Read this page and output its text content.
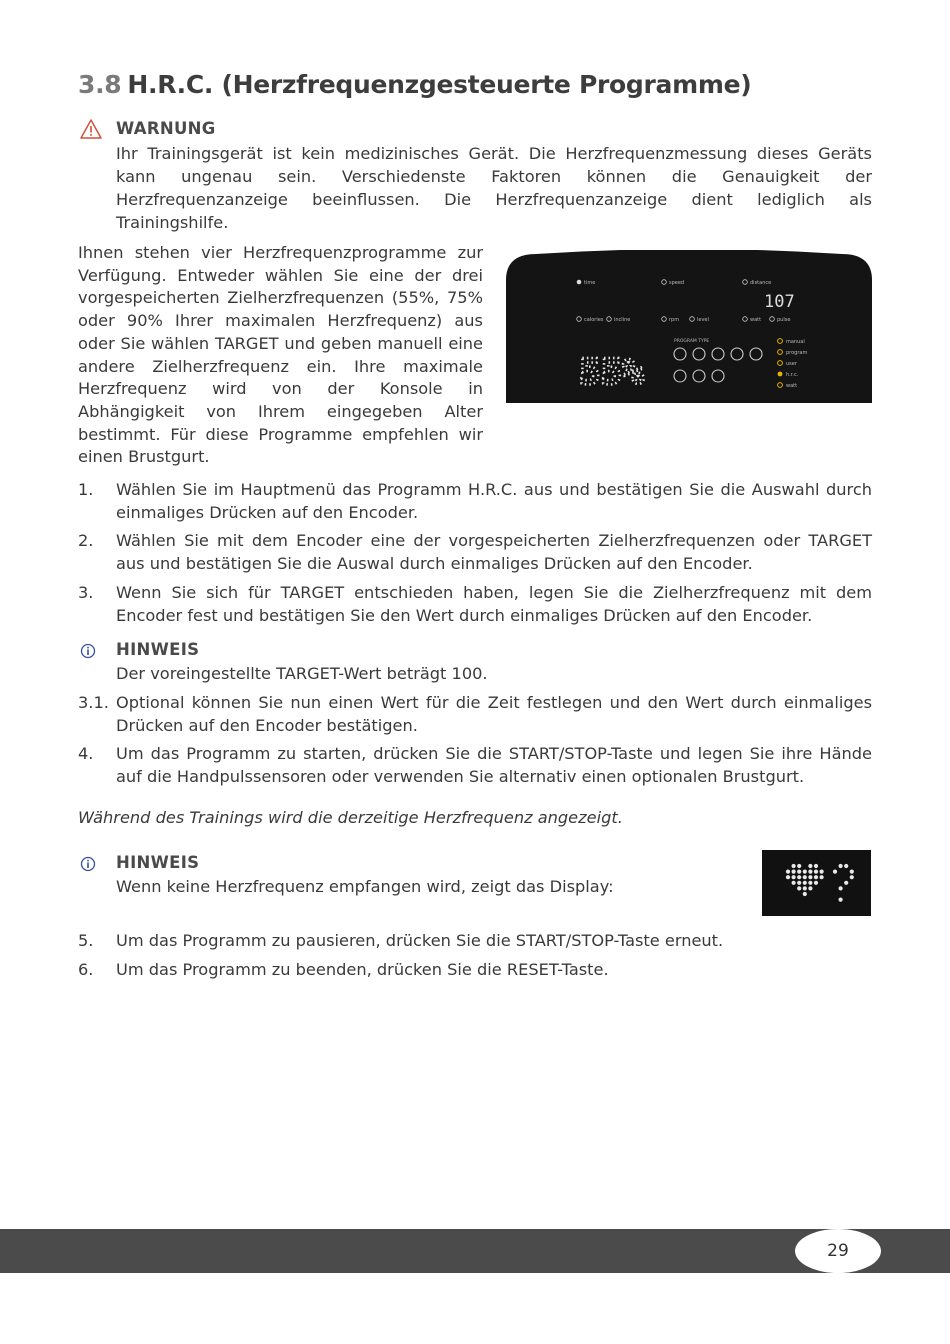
3.8 H.R.C. (Herzfrequenzgesteuerte Programme)
WARNUNG
Ihr Trainingsgerät ist kein medizinisches Gerät. Die Herzfrequenzmessung dieses Geräts kann ungenau sein. Verschiedenste Faktoren können die Genauigkeit der Herzfrequenzanzeige beeinflussen. Die Herzfrequenzanzeige dient lediglich als Trainingshilfe.
Ihnen stehen vier Herzfrequenzprogramme zur Verfügung. Entweder wählen Sie eine der drei vorgespeicherten Zielherzfrequenzen (55%, 75% oder 90% Ihrer maximalen Herzfrequenz) aus oder Sie wählen TARGET und geben manuell eine andere Zielherzfrequenz ein. Ihre maximale Herzfrequenz wird von der Konsole in Abhängigkeit von Ihrem eingegeben Alter bestimmt. Für diese Programme empfehlen wir einen Brustgurt.
time	speed	distance
calories incline	rpm	level	watt	pulse
PROGRAM TYPE
107
55%
manual
program
user
h.r.c.
watt
1. Wählen Sie im Hauptmenü das Programm H.R.C. aus und bestätigen Sie die Auswahl durch einmaliges Drücken auf den Encoder.
2. Wählen Sie mit dem Encoder eine der vorgespeicherten Zielherzfrequenzen oder TARGET aus und bestätigen Sie die Auswal durch einmaliges Drücken auf den Encoder.
3. Wenn Sie sich für TARGET entschieden haben, legen Sie die Zielherzfrequenz mit dem Encoder fest und bestätigen Sie den Wert durch einmaliges Drücken auf den Encoder.
HINWEIS
Der voreingestellte TARGET-Wert beträgt 100.
3.1. Optional können Sie nun einen Wert für die Zeit festlegen und den Wert durch einmaliges Drücken auf den Encoder bestätigen.
4. Um das Programm zu starten, drücken Sie die START/STOP-Taste und legen Sie ihre Hände auf die Handpulssensoren oder verwenden Sie alternativ einen optionalen Brustgurt.
Während des Trainings wird die derzeitige Herzfrequenz angezeigt.
HINWEIS
Wenn keine Herzfrequenz empfangen wird, zeigt das Display:
5. Um das Programm zu pausieren, drücken Sie die START/STOP-Taste erneut.
6. Um das Programm zu beenden, drücken Sie die RESET-Taste.
29
